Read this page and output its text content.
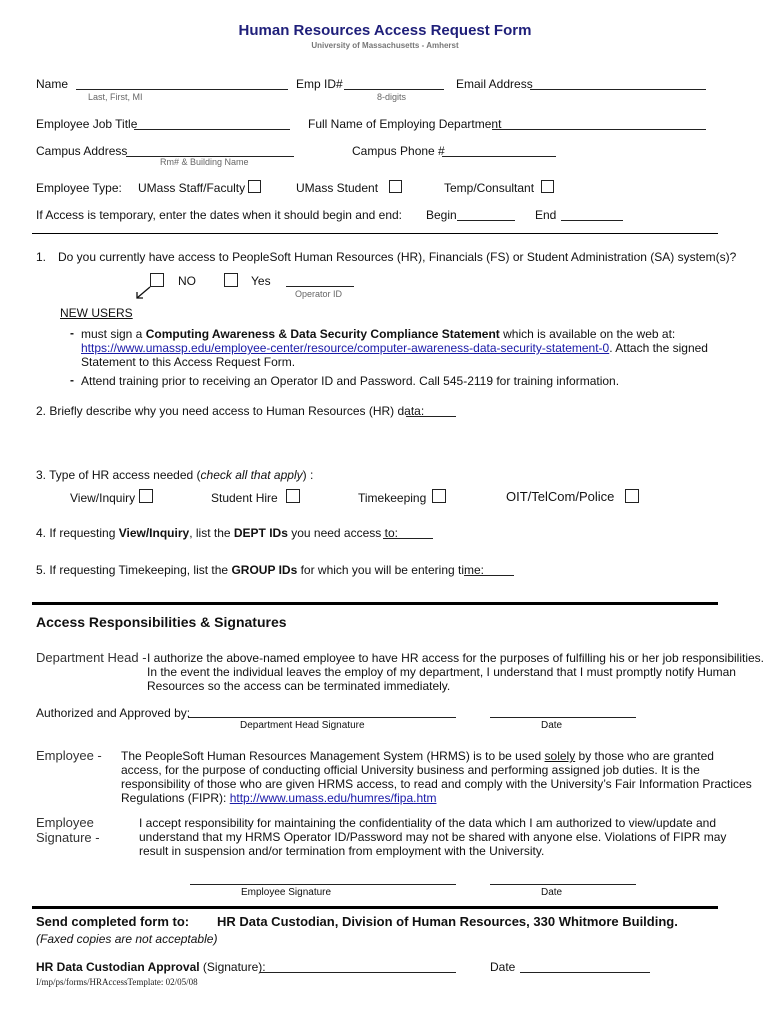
Human Resources Access Request Form
University of Massachusetts - Amherst
Name
Last, First, MI
Emp ID#
8-digits
Email Address
Employee Job Title	Full Name of Employing Department
Campus Address
Rm# & Building Name
Campus Phone #
Employee Type: UMass Staff/Faculty	UMass Student	Temp/Consultant
If Access is temporary, enter the dates when it should begin and end: Begin	End
1. Do you currently have access to PeopleSoft Human Resources (HR), Financials (FS) or Student Administration (SA) system(s)?
NO	Yes
Operator ID
NEW USERS
- must sign a Computing Awareness & Data Security Compliance Statement which is available on the web at:
https://www.umassp.edu/employee-center/resource/computer-awareness-data-security-statement-0. Attach the signed
Statement to this Access Request Form.
- Attend training prior to receiving an Operator ID and Password. Call 545-2119 for training information.
2. Briefly describe why you need access to Human Resources (HR) data:
3. Type of HR access needed (check all that apply) :
View/Inquiry	Student Hire	Timekeeping	OIT/TelCom/Police
4. If requesting View/Inquiry, list the DEPT IDs you need access to:
5. If requesting Timekeeping, list the GROUP IDs for which you will be entering time:
Access Responsibilities & Signatures
Department Head - I authorize the above-named employee to have HR access for the purposes of fulfilling his or her job responsibilities.
In the event the individual leaves the employ of my department, I understand that I must promptly notify Human
Resources so the access can be terminated immediately.
Authorized and Approved by:
Department Head Signature	Date
Employee - The PeopleSoft Human Resources Management System (HRMS) is to be used solely by those who are granted
access, for the purpose of conducting official University business and performing assigned job duties. It is the
responsibility of those who are given HRMS access, to read and comply with the University’s Fair Information Practices
Regulations (FIPR): http://www.umass.edu/humres/fipa.htm
Employee
Signature -
I accept responsibility for maintaining the confidentiality of the data which I am authorized to view/update and
understand that my HRMS Operator ID/Password may not be shared with anyone else. Violations of FIPR may
result in suspension and/or termination from employment with the University.
Employee Signature	Date
Send completed form to: HR Data Custodian, Division of Human Resources, 330 Whitmore Building.
(Faxed copies are not acceptable)
HR Data Custodian Approval (Signature):	Date
I/mp/ps/forms/HRAccessTemplate: 02/05/08
